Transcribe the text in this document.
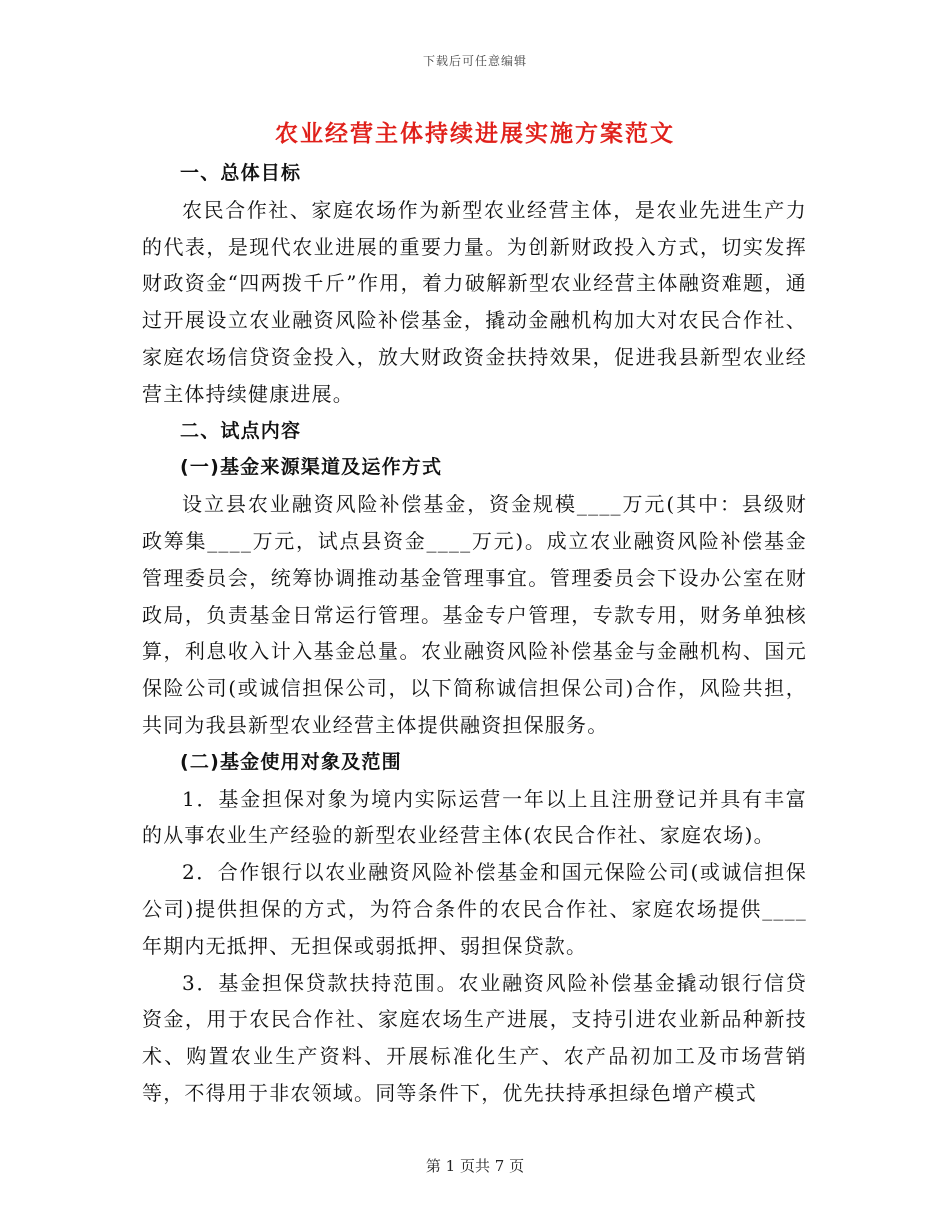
下载后可任意编辑
农业经营主体持续进展实施方案范文

一、总体目标

农民合作社、家庭农场作为新型农业经营主体，是农业先进生产力的代表，是现代农业进展的重要力量。为创新财政投入方式，切实发挥财政资金“四两拨千斤”作用，着力破解新型农业经营主体融资难题，通过开展设立农业融资风险补偿基金，撬动金融机构加大对农民合作社、家庭农场信贷资金投入，放大财政资金扶持效果，促进我县新型农业经营主体持续健康进展。

二、试点内容

(一)基金来源渠道及运作方式

设立县农业融资风险补偿基金，资金规模____万元(其中：县级财政筹集____万元，试点县资金____万元)。成立农业融资风险补偿基金管理委员会，统筹协调推动基金管理事宜。管理委员会下设办公室在财政局，负责基金日常运行管理。基金专户管理，专款专用，财务单独核算，利息收入计入基金总量。农业融资风险补偿基金与金融机构、国元保险公司(或诚信担保公司，以下简称诚信担保公司)合作，风险共担，共同为我县新型农业经营主体提供融资担保服务。

(二)基金使用对象及范围

1．基金担保对象为境内实际运营一年以上且注册登记并具有丰富的从事农业生产经验的新型农业经营主体(农民合作社、家庭农场)。

2．合作银行以农业融资风险补偿基金和国元保险公司(或诚信担保公司)提供担保的方式，为符合条件的农民合作社、家庭农场提供____年期内无抵押、无担保或弱抵押、弱担保贷款。

3．基金担保贷款扶持范围。农业融资风险补偿基金撬动银行信贷资金，用于农民合作社、家庭农场生产进展，支持引进农业新品种新技术、购置农业生产资料、开展标准化生产、农产品初加工及市场营销等，不得用于非农领域。同等条件下，优先扶持承担绿色增产模式

第 1 页共 7 页
